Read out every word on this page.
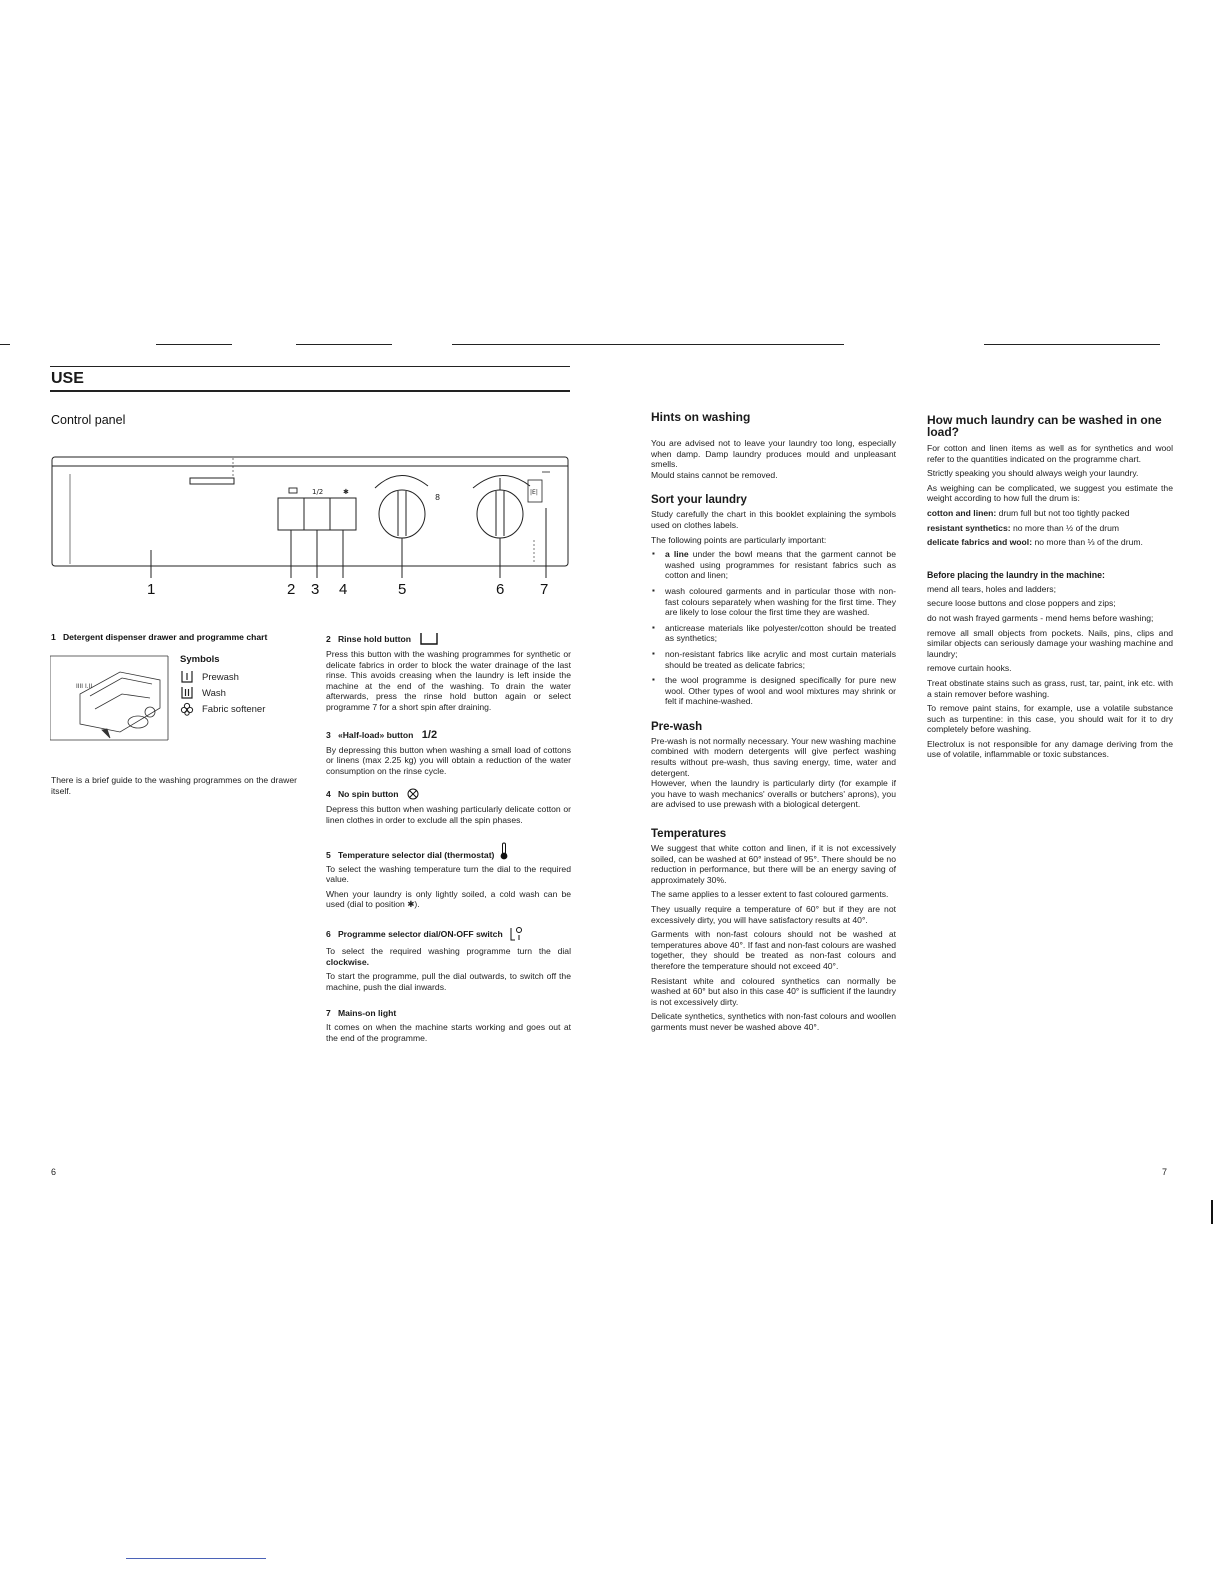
USE
Control panel
1/2	✱
8
|E|
1	2 3 4	5	6 7
1   Detergent dispenser drawer and programme chart
IIII I.II
Symbols
Prewash
Wash
Fabric softener

There is a brief guide to the washing programmes on the drawer itself.

2   Rinse hold button

Press this button with the washing programmes for synthetic or delicate fabrics in order to block the water drainage of the last rinse. This avoids creasing when the laundry is left inside the machine at the end of the washing. To drain the water afterwards, press the rinse hold button again or select programme 7 for a short spin after draining.

3   «Half-load» button 1/2

By depressing this button when washing a small load of cottons or linens (max 2.25 kg) you will obtain a reduction of the water consumption on the rinse cycle.

4   No spin button

Depress this button when washing particularly delicate cotton or linen clothes in order to exclude all the spin phases.

5   Temperature selector dial (thermostat)

To select the washing temperature turn the dial to the required value.

When your laundry is only lightly soiled, a cold wash can be used (dial to position ✱).

6   Programme selector dial/ON-OFF switch

To select the required washing programme turn the dial clockwise.

To start the programme, pull the dial outwards, to switch off the machine, push the dial inwards.

7   Mains-on light

It comes on when the machine starts working and goes out at the end of the programme.

Hints on washing

You are advised not to leave your laundry too long, especially when damp. Damp laundry produces mould and unpleasant smells.

Mould stains cannot be removed.

Sort your laundry

Study carefully the chart in this booklet explaining the symbols used on clothes labels.

The following points are particularly important:

▪ a line under the bowl means that the garment cannot be washed using programmes for resistant fabrics such as cotton and linen;
▪ wash coloured garments and in particular those with non-fast colours separately when washing for the first time. They are likely to lose colour the first time they are washed.
▪ anticrease materials like polyester/cotton should be treated as synthetics;
▪ non-resistant fabrics like acrylic and most curtain materials should be treated as delicate fabrics;
▪ the wool programme is designed specifically for pure new wool. Other types of wool and wool mixtures may shrink or felt if machine-washed.
Pre-wash

Pre-wash is not normally necessary. Your new washing machine combined with modern detergents will give perfect washing results without pre-wash, thus saving energy, time, water and detergent.

However, when the laundry is particularly dirty (for example if you have to wash mechanics' overalls or butchers' aprons), you are advised to use prewash with a biological detergent.

Temperatures

We suggest that white cotton and linen, if it is not excessively soiled, can be washed at 60° instead of 95°. There should be no reduction in performance, but there will be an energy saving of approximately 30%.

The same applies to a lesser extent to fast coloured garments.

They usually require a temperature of 60° but if they are not excessively dirty, you will have satisfactory results at 40°.

Garments with non-fast colours should not be washed at temperatures above 40°. If fast and non-fast colours are washed together, they should be treated as non-fast colours and therefore the temperature should not exceed 40°.

Resistant white and coloured synthetics can normally be washed at 60° but also in this case 40° is sufficient if the laundry is not excessively dirty.

Delicate synthetics, synthetics with non-fast colours and woollen garments must never be washed above 40°.

How much laundry can be washed in one load?

For cotton and linen items as well as for synthetics and wool refer to the quantities indicated on the programme chart.

Strictly speaking you should always weigh your laundry.

As weighing can be complicated, we suggest you estimate the weight according to how full the drum is:

cotton and linen: drum full but not too tightly packed

resistant synthetics: no more than ½ of the drum

delicate fabrics and wool: no more than ⅓ of the drum.

Before placing the laundry in the machine:

mend all tears, holes and ladders;

secure loose buttons and close poppers and zips;

do not wash frayed garments - mend hems before washing;

remove all small objects from pockets. Nails, pins, clips and similar objects can seriously damage your washing machine and laundry;

remove curtain hooks.

Treat obstinate stains such as grass, rust, tar, paint, ink etc. with a stain remover before washing.

To remove paint stains, for example, use a volatile substance such as turpentine: in this case, you should wait for it to dry completely before washing.

Electrolux is not responsible for any damage deriving from the use of volatile, inflammable or toxic substances.

6	7
